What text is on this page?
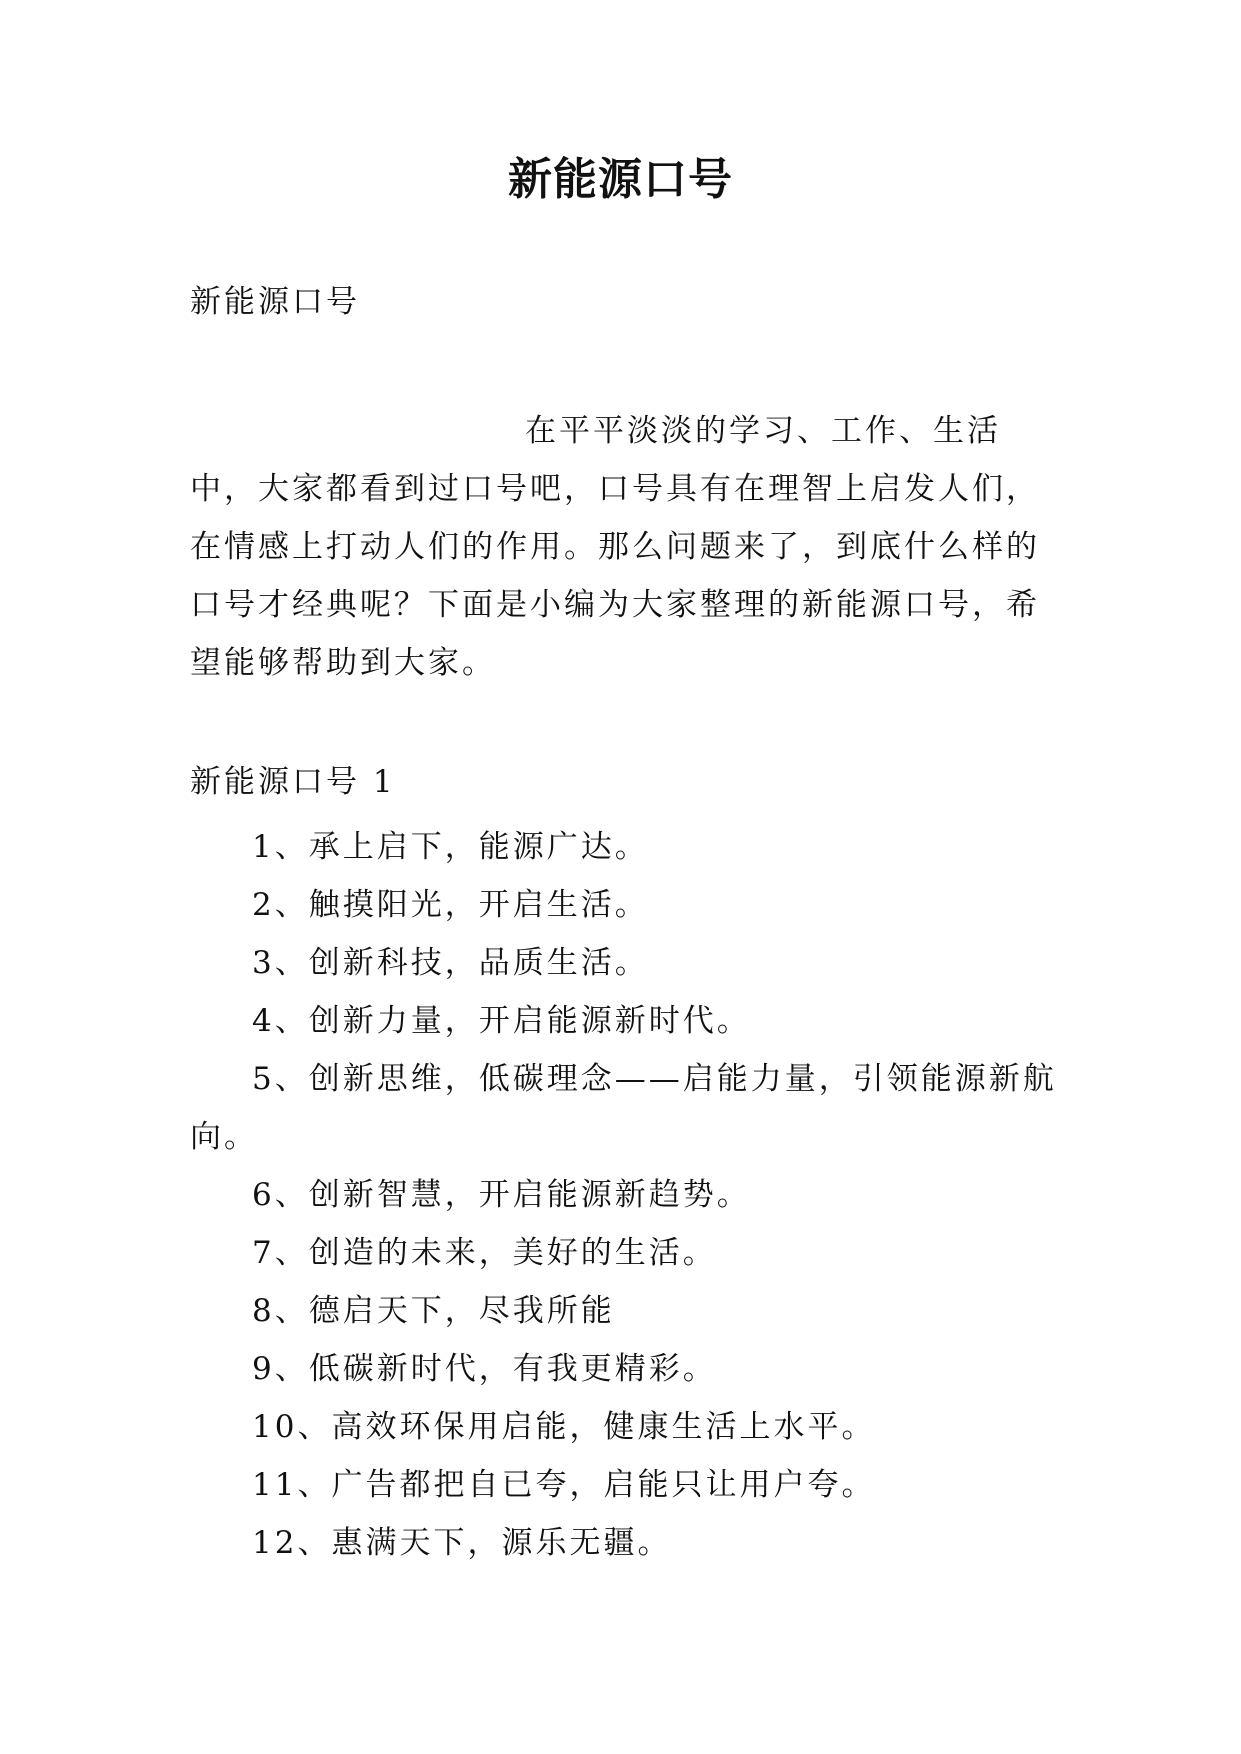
新能源口号
新能源口号
在平平淡淡的学习、工作、生活中，大家都看到过口号吧，口号具有在理智上启发人们，在情感上打动人们的作用。那么问题来了，到底什么样的口号才经典呢？下面是小编为大家整理的新能源口号，希望能够帮助到大家。
新能源口号 1
1、承上启下，能源广达。
2、触摸阳光，开启生活。
3、创新科技，品质生活。
4、创新力量，开启能源新时代。
5、创新思维，低碳理念——启能力量，引领能源新航向。
6、创新智慧，开启能源新趋势。
7、创造的未来，美好的生活。
8、德启天下，尽我所能
9、低碳新时代，有我更精彩。
10、高效环保用启能，健康生活上水平。
11、广告都把自已夸，启能只让用户夸。
12、惠满天下，源乐无疆。
